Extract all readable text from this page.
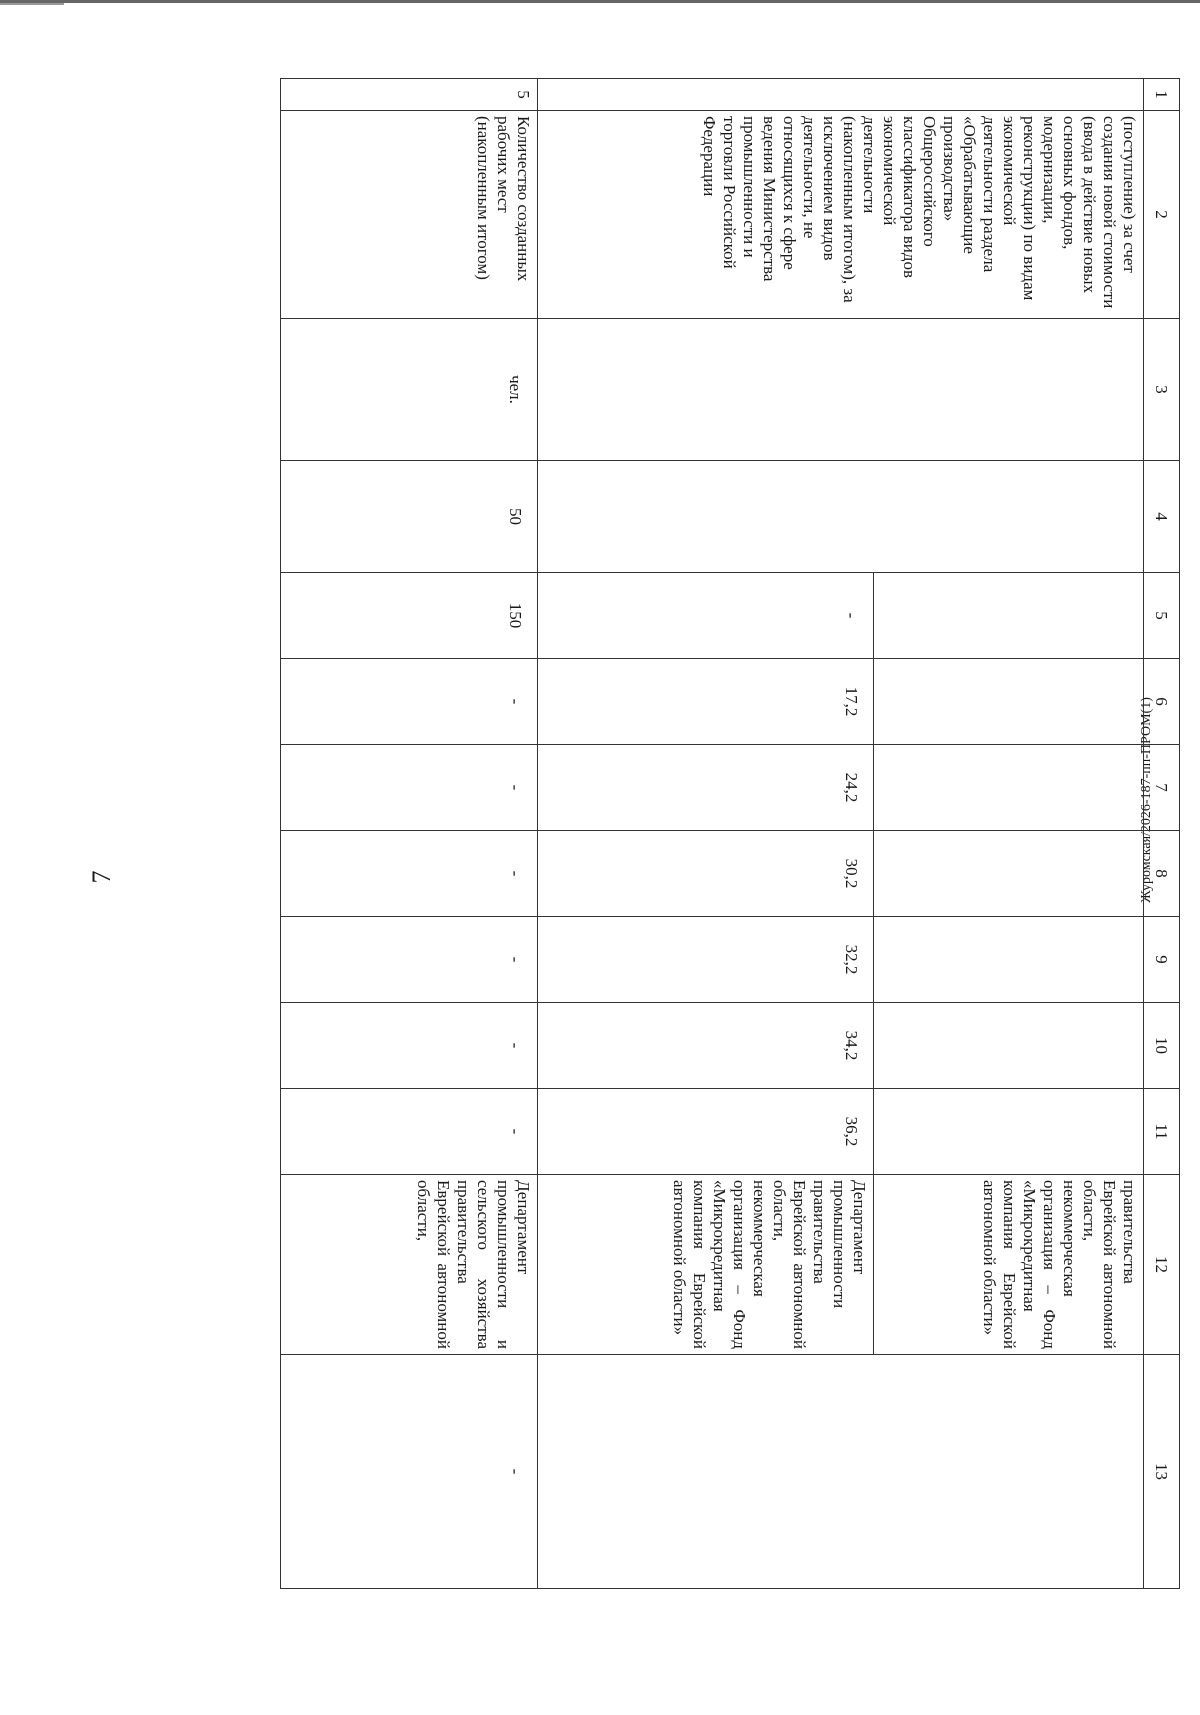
7	Журомская/2026-187-пп-ПРОМ(1)
1	2	3	4	5	6	7	8	9	10	11	12	13
	(поступление) за счет создания новой стоимости (ввода в действие новых основных фондов, модернизации, реконструкции) по видам экономической деятельности раздела «Обрабатывающие производства» Общероссийского классификатора видов экономической деятельности (накопленным итогом), за исключением видов деятельности, не относящихся к сфере ведения Министерства промышленности и торговли Российской Федерации										правительства Еврейской автономной области, некоммерческая организация – Фонд «Микрокредитная компания Еврейской автономной области»	
				-	17,2	24,2	30,2	32,2	34,2	36,2	Департамент промышленности правительства Еврейской автономной области, некоммерческая организация – Фонд «Микрокредитная компания Еврейской автономной области»	
5	Количество созданных рабочих мест (накопленным итогом)	чел.	50	150	-	-	-	-	-	-	Департамент промышленности и сельского хозяйства правительства Еврейской автономной области,	-
